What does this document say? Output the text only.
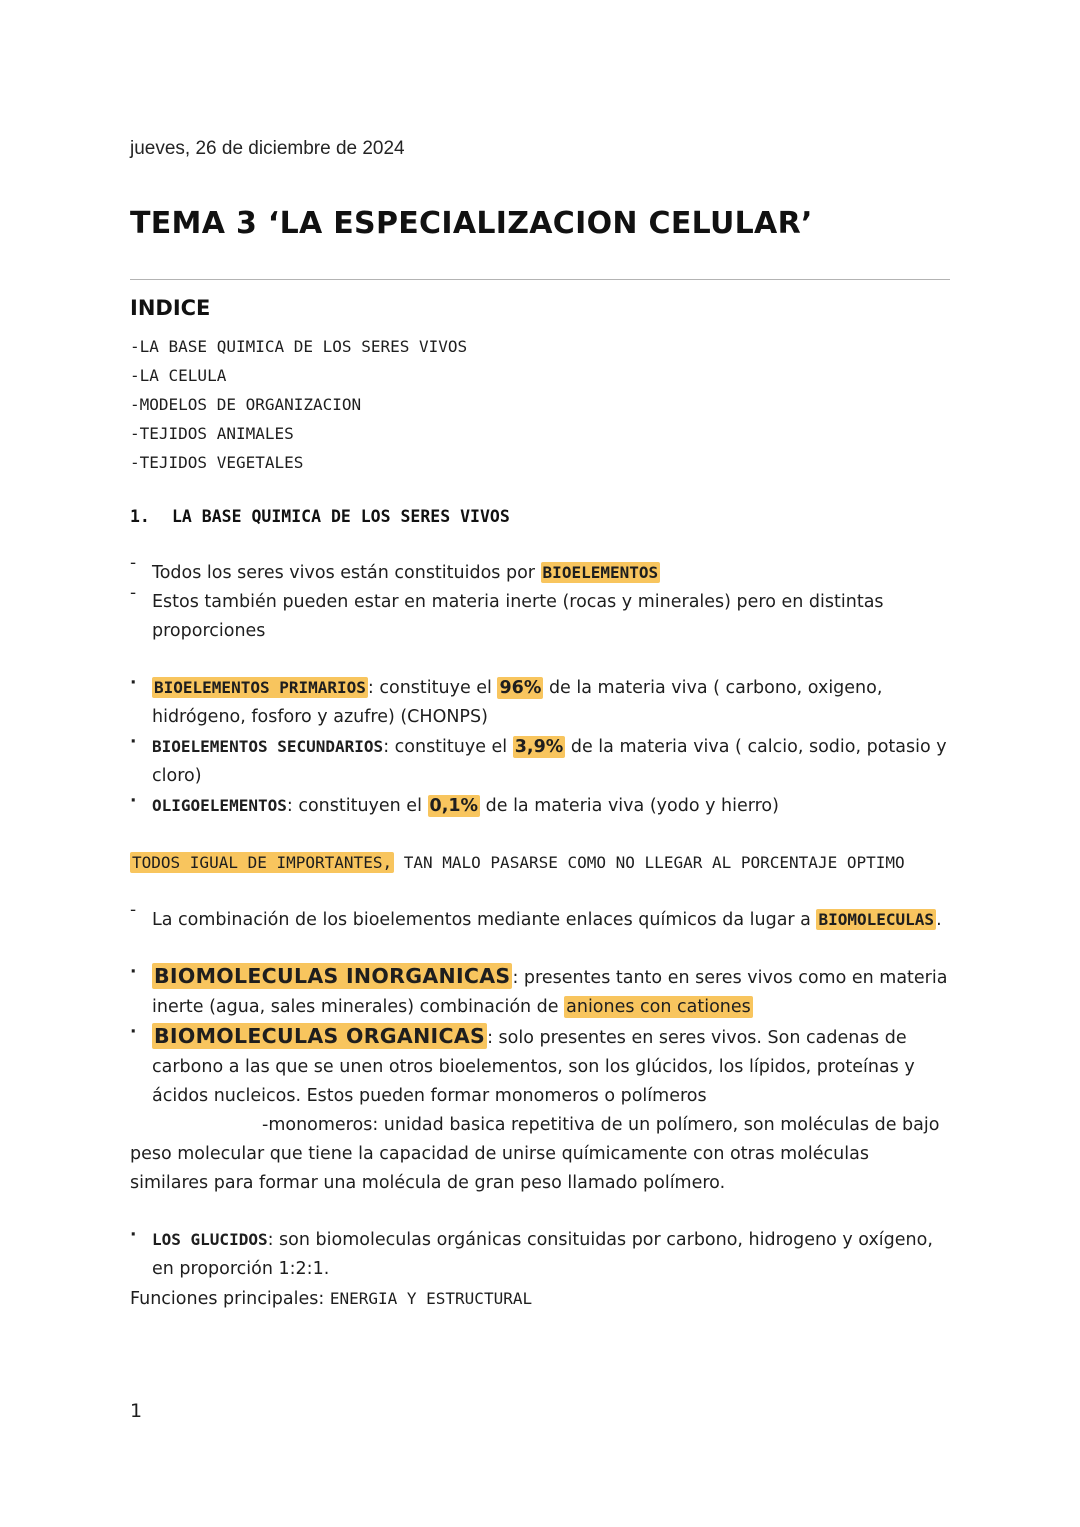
jueves, 26 de diciembre de 2024
TEMA 3 ‘LA ESPECIALIZACION CELULAR’
INDICE
-LA BASE QUIMICA DE LOS SERES VIVOS
-LA CELULA
-MODELOS DE ORGANIZACION
-TEJIDOS ANIMALES
-TEJIDOS VEGETALES
1.	LA BASE QUIMICA DE LOS SERES VIVOS
- Todos los seres vivos están constituidos por BIOELEMENTOS
- Estos también pueden estar en materia inerte (rocas y minerales) pero en distintas proporciones
·	BIOELEMENTOS PRIMARIOS : constituye el 96% de la materia viva ( carbono, oxigeno, hidrógeno, fosforo y azufre) (CHONPS)
· BIOELEMENTOS SECUNDARIOS: constituye el 3,9% de la materia viva ( calcio, sodio, potasio y cloro)
· OLIGOELEMENTOS: constituyen el 0,1% de la materia viva (yodo y hierro)

TODOS IGUAL DE IMPORTANTES, TAN MALO PASARSE COMO NO LLEGAR AL PORCENTAJE OPTIMO

- La combinación de los bioelementos mediante enlaces químicos da lugar a BIOMOLECULAS .
· BIOMOLECULAS INORGANICAS : presentes tanto en seres vivos como en materia inerte (agua, sales minerales) combinación de aniones con cationes
· BIOMOLECULAS ORGANICAS : solo presentes en seres vivos. Son cadenas de carbono a las que se unen otros bioelementos, son los glúcidos, los lípidos, proteínas y ácidos nucleicos. Estos pueden formar monomeros o polímeros

-monomeros: unidad basica repetitiva de un polímero, son moléculas de bajo peso molecular que tiene la capacidad de unirse químicamente con otras moléculas similares para formar una molécula de gran peso llamado polímero.

· LOS GLUCIDOS: son biomoleculas orgánicas consituidas por carbono, hidrogeno y oxígeno, en proporción 1:2:1.

Funciones principales: ENERGIA Y ESTRUCTURAL

1
